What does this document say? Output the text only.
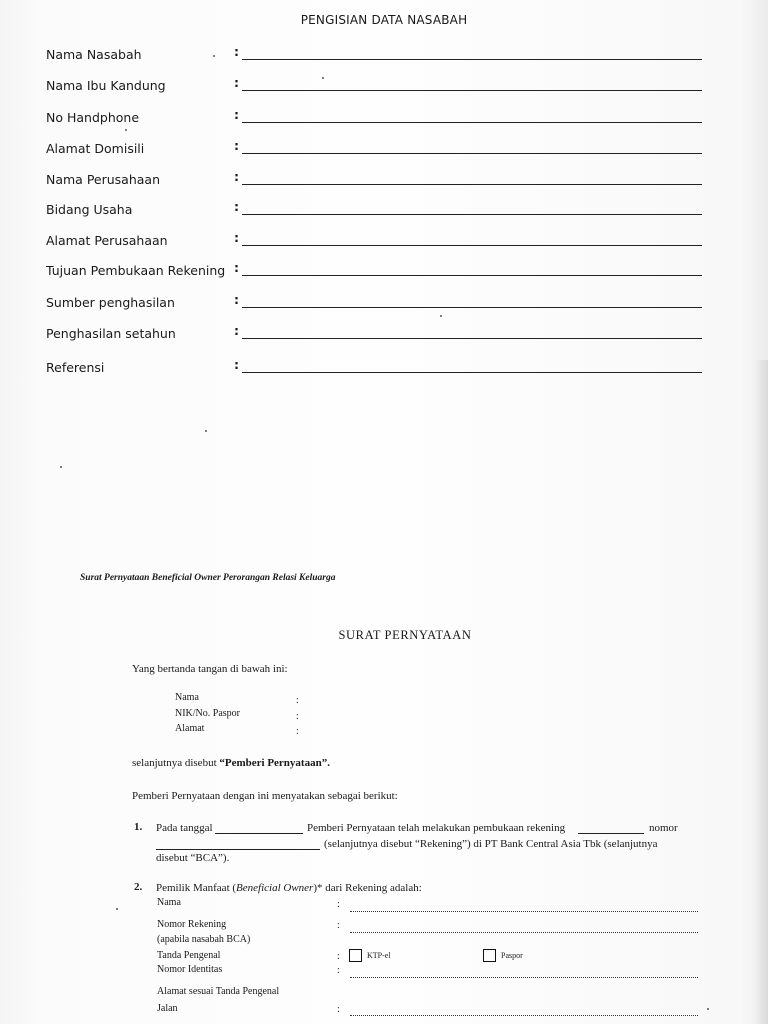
PENGISIAN DATA NASABAH
Nama Nasabah	:
Nama Ibu Kandung	:
No Handphone	:
Alamat Domisili	:
Nama Perusahaan	:
Bidang Usaha	:
Alamat Perusahaan	:
Tujuan Pembukaan Rekening :
Sumber penghasilan	:
Penghasilan setahun	:
Referensi	:
Surat Pernyataan Beneficial Owner Perorangan Relasi Keluarga
SURAT PERNYATAAN
Yang bertanda tangan di bawah ini:
Nama	:
NIK/No. Paspor	:
Alamat	:
selanjutnya disebut “Pemberi Pernyataan”.
Pemberi Pernyataan dengan ini menyatakan sebagai berikut:
1. Pada tanggal	Pemberi Pernyataan telah melakukan pembukaan rekening	nomor
(selanjutnya disebut “Rekening”) di PT Bank Central Asia Tbk (selanjutnya
disebut “BCA”).
2. Pemilik Manfaat (Beneficial Owner)* dari Rekening adalah:
Nama	:
Nomor Rekening	:
(apabila nasabah BCA)
Tanda Pengenal	:	KTP-el	Paspor
Nomor Identitas	:
Alamat sesuai Tanda Pengenal
Jalan	:
